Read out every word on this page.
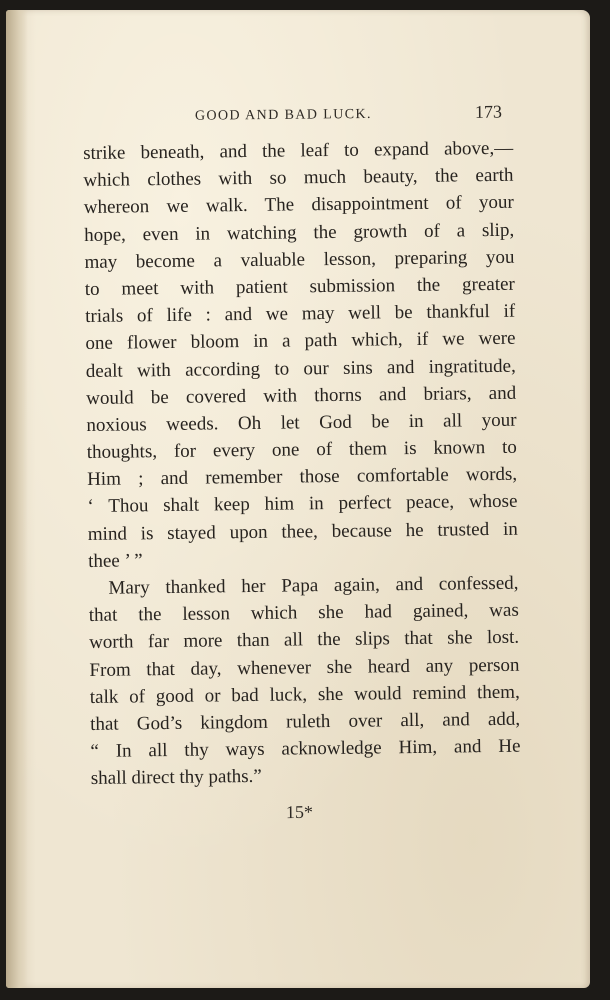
GOOD AND BAD LUCK.	173
strike beneath, and the leaf to expand above,—
which clothes with so much beauty, the earth
whereon we walk. The disappointment of your
hope, even in watching the growth of a slip,
may become a valuable lesson, preparing you
to meet with patient submission the greater
trials of life : and we may well be thankful if
one flower bloom in a path which, if we were
dealt with according to our sins and ingratitude,
would be covered with thorns and briars, and
noxious weeds. Oh let God be in all your
thoughts, for every one of them is known to
Him ; and remember those comfortable words,
‘ Thou shalt keep him in perfect peace, whose
mind is stayed upon thee, because he trusted in
thee ’ ”
Mary thanked her Papa again, and confessed,
that the lesson which she had gained, was
worth far more than all the slips that she lost.
From that day, whenever she heard any person
talk of good or bad luck, she would remind them,
that God’s kingdom ruleth over all, and add,
“ In all thy ways acknowledge Him, and He
shall direct thy paths.”
15*
